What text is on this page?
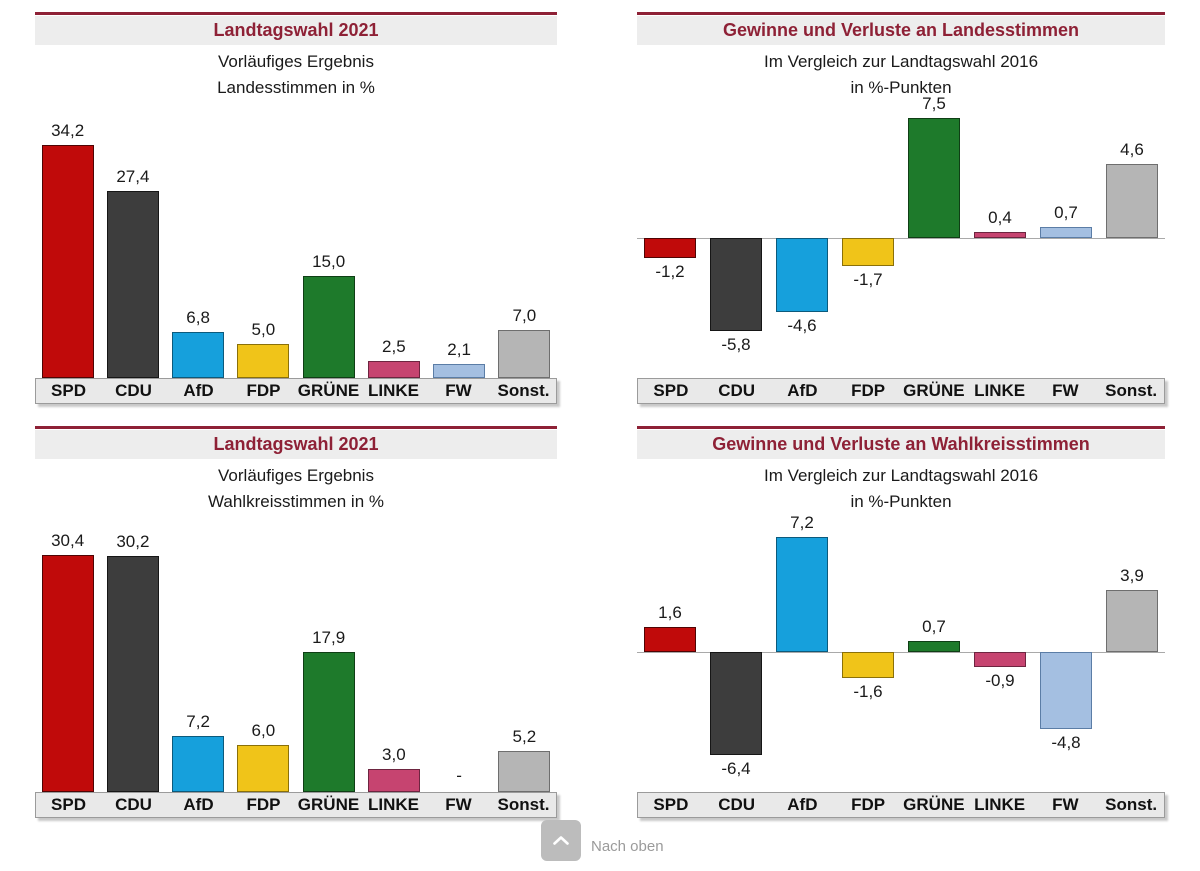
Landtagswahl 2021
Vorläufiges Ergebnis
Landesstimmen in %
34,2
27,4
6,8
5,0
15,0
2,5	2,1
7,0
SPD	CDU	AfD	FDP	GRÜNE LINKE	FW	Sonst.
Gewinne und Verluste an Landesstimmen
Im Vergleich zur Landtagswahl 2016
in %-Punkten
-1,2
-5,8
-4,6
-1,7
7,5
0,4	0,7
4,6
SPD	CDU	AfD	FDP	GRÜNE LINKE	FW	Sonst.
Landtagswahl 2021
Vorläufiges Ergebnis
Wahlkreisstimmen in %
30,4	30,2
7,2	6,0
17,9
3,0
-
5,2
SPD	CDU	AfD	FDP	GRÜNE LINKE	FW	Sonst.
Gewinne und Verluste an Wahlkreisstimmen
Im Vergleich zur Landtagswahl 2016
in %-Punkten
1,6
-6,4
7,2
-1,6
0,7
-0,9
-4,8
3,9
SPD	CDU	AfD	FDP	GRÜNE LINKE	FW	Sonst.
Nach oben
